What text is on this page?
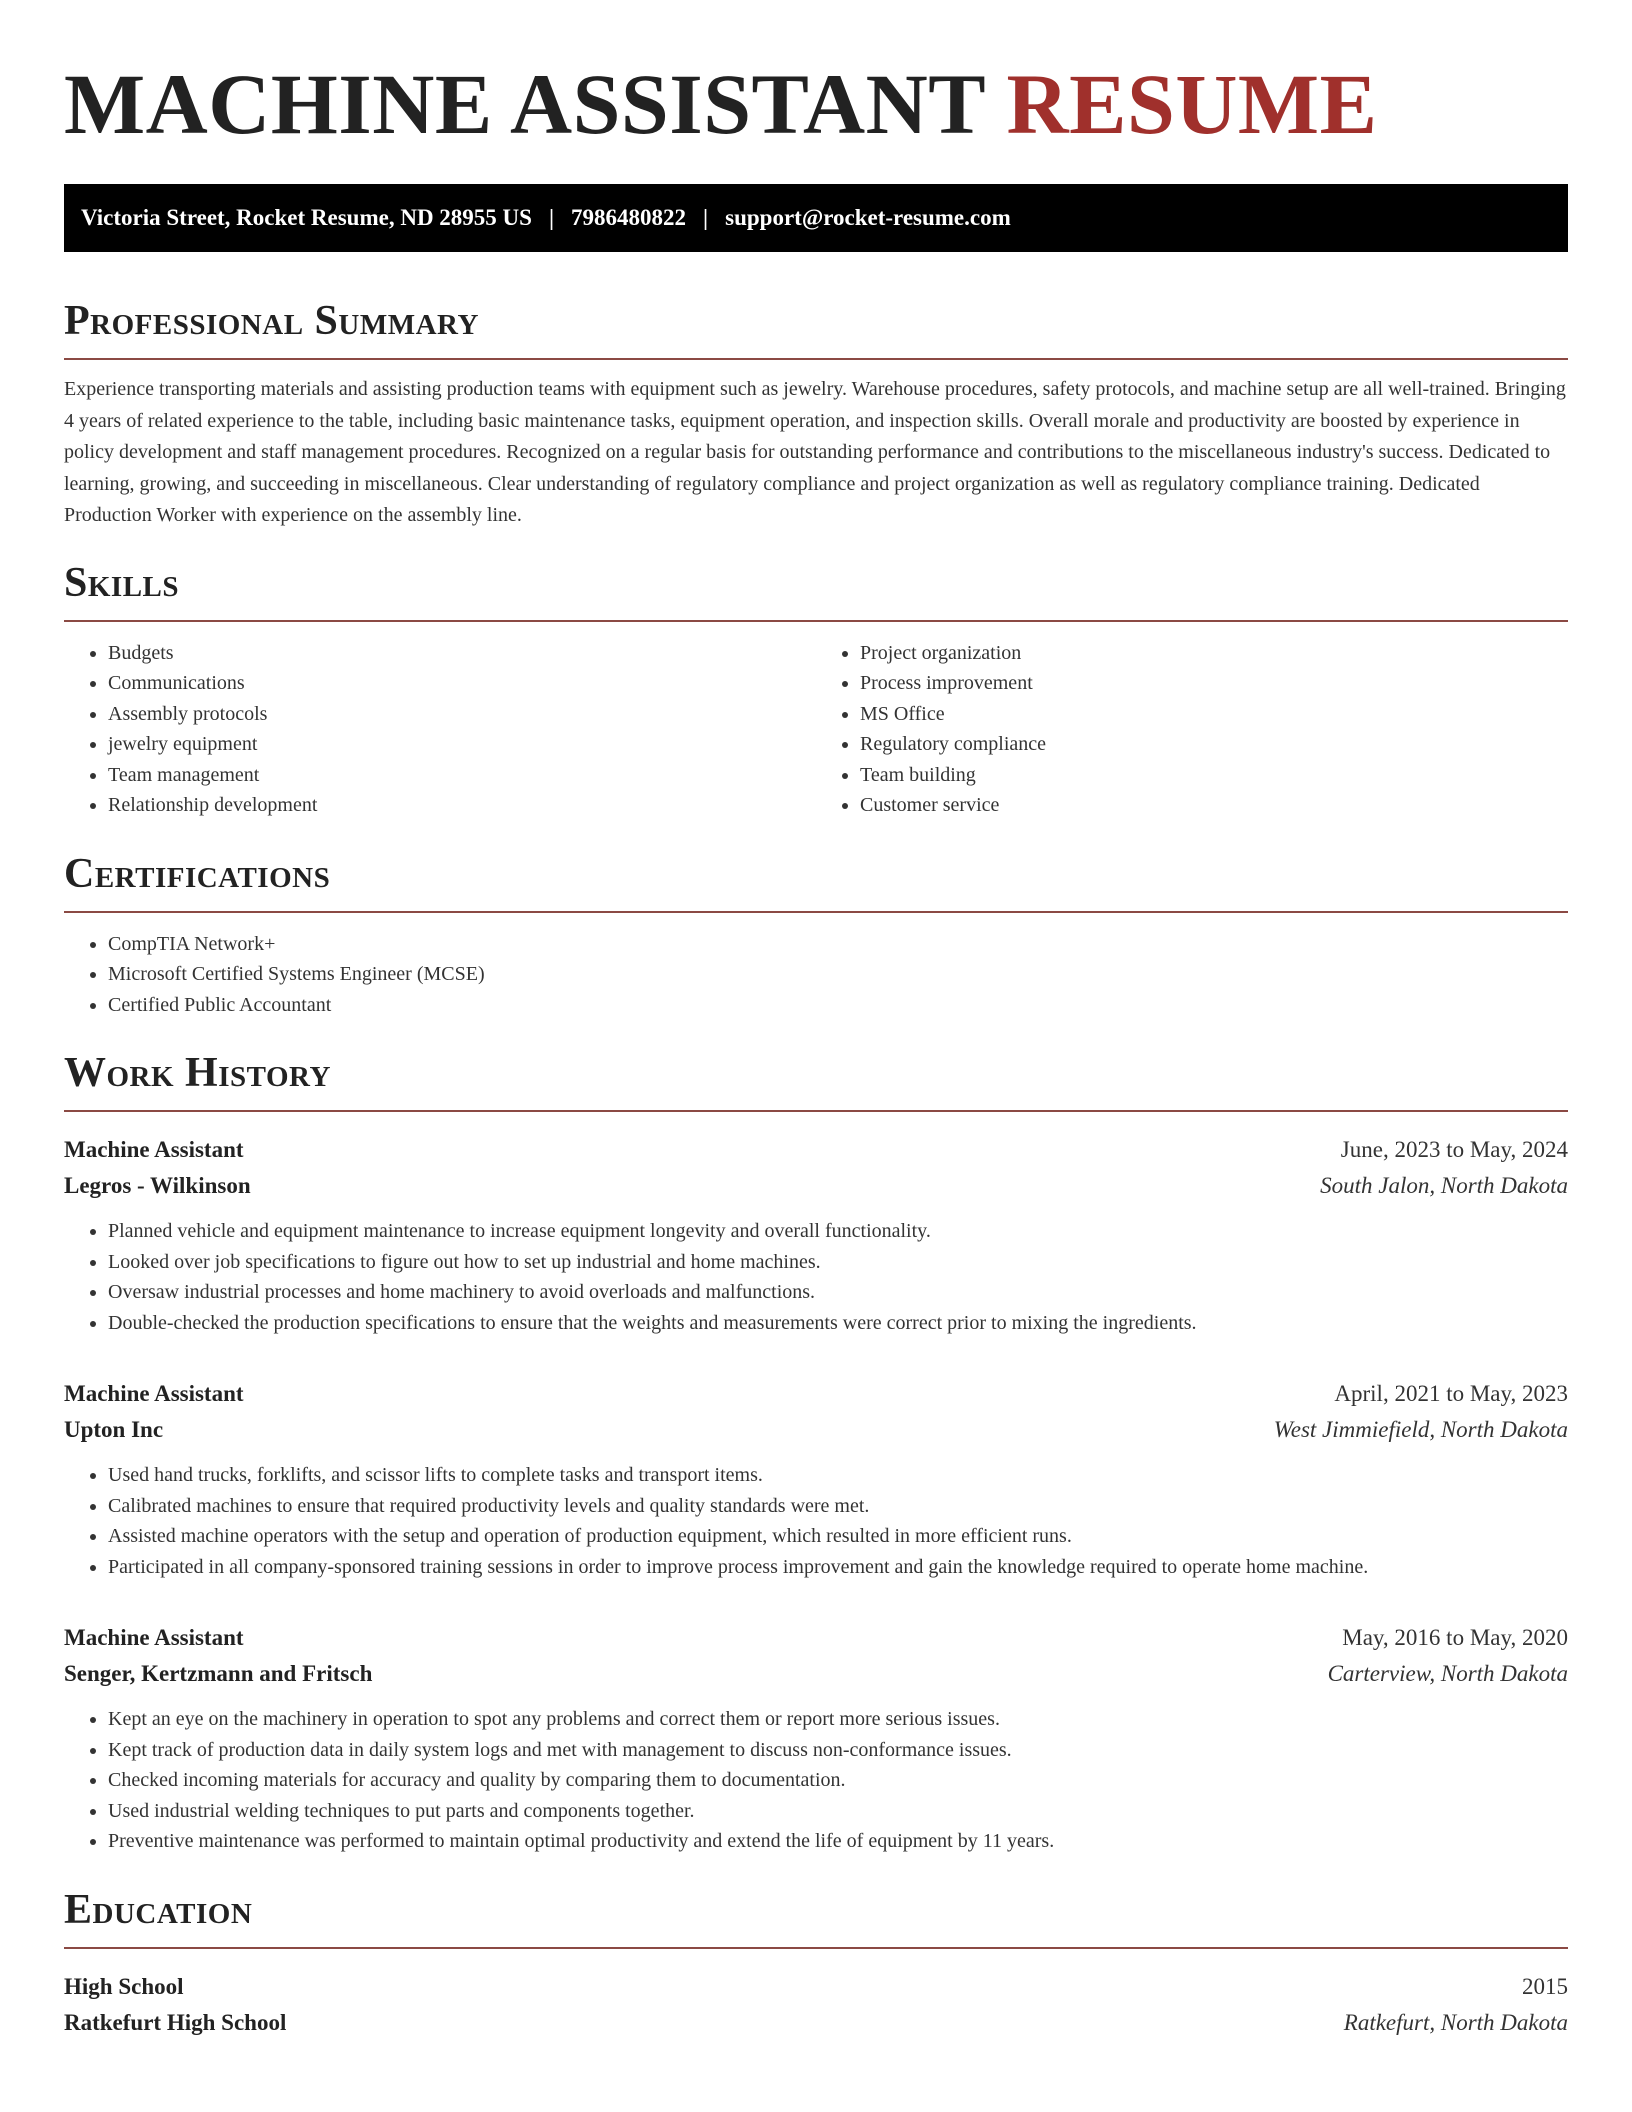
MACHINE ASSISTANT RESUME
Victoria Street, Rocket Resume, ND 28955 US | 7986480822 | support@rocket-resume.com
Professional Summary

Experience transporting materials and assisting production teams with equipment such as jewelry. Warehouse procedures, safety protocols, and machine setup are all well-trained. Bringing 4 years of related experience to the table, including basic maintenance tasks, equipment operation, and inspection skills. Overall morale and productivity are boosted by experience in policy development and staff management procedures. Recognized on a regular basis for outstanding performance and contributions to the miscellaneous industry's success. Dedicated to learning, growing, and succeeding in miscellaneous. Clear understanding of regulatory compliance and project organization as well as regulatory compliance training. Dedicated Production Worker with experience on the assembly line.

Skills
• Budgets
• Communications
• Assembly protocols
• jewelry equipment
• Team management
• Relationship development
• Project organization
• Process improvement
• MS Office
• Regulatory compliance
• Team building
• Customer service
Certifications
• CompTIA Network+
• Microsoft Certified Systems Engineer (MCSE)
• Certified Public Accountant
Work History
Machine Assistant	June, 2023 to May, 2024
Legros - Wilkinson	South Jalon, North Dakota
• Planned vehicle and equipment maintenance to increase equipment longevity and overall functionality.
• Looked over job specifications to figure out how to set up industrial and home machines.
• Oversaw industrial processes and home machinery to avoid overloads and malfunctions.
• Double-checked the production specifications to ensure that the weights and measurements were correct prior to mixing the ingredients.
Machine Assistant	April, 2021 to May, 2023
Upton Inc	West Jimmiefield, North Dakota
• Used hand trucks, forklifts, and scissor lifts to complete tasks and transport items.
• Calibrated machines to ensure that required productivity levels and quality standards were met.
• Assisted machine operators with the setup and operation of production equipment, which resulted in more efficient runs.
• Participated in all company-sponsored training sessions in order to improve process improvement and gain the knowledge required to operate home machine.
Machine Assistant	May, 2016 to May, 2020
Senger, Kertzmann and Fritsch	Carterview, North Dakota
• Kept an eye on the machinery in operation to spot any problems and correct them or report more serious issues.
• Kept track of production data in daily system logs and met with management to discuss non-conformance issues.
• Checked incoming materials for accuracy and quality by comparing them to documentation.
• Used industrial welding techniques to put parts and components together.
• Preventive maintenance was performed to maintain optimal productivity and extend the life of equipment by 11 years.
Education
High School	2015
Ratkefurt High School	Ratkefurt, North Dakota
